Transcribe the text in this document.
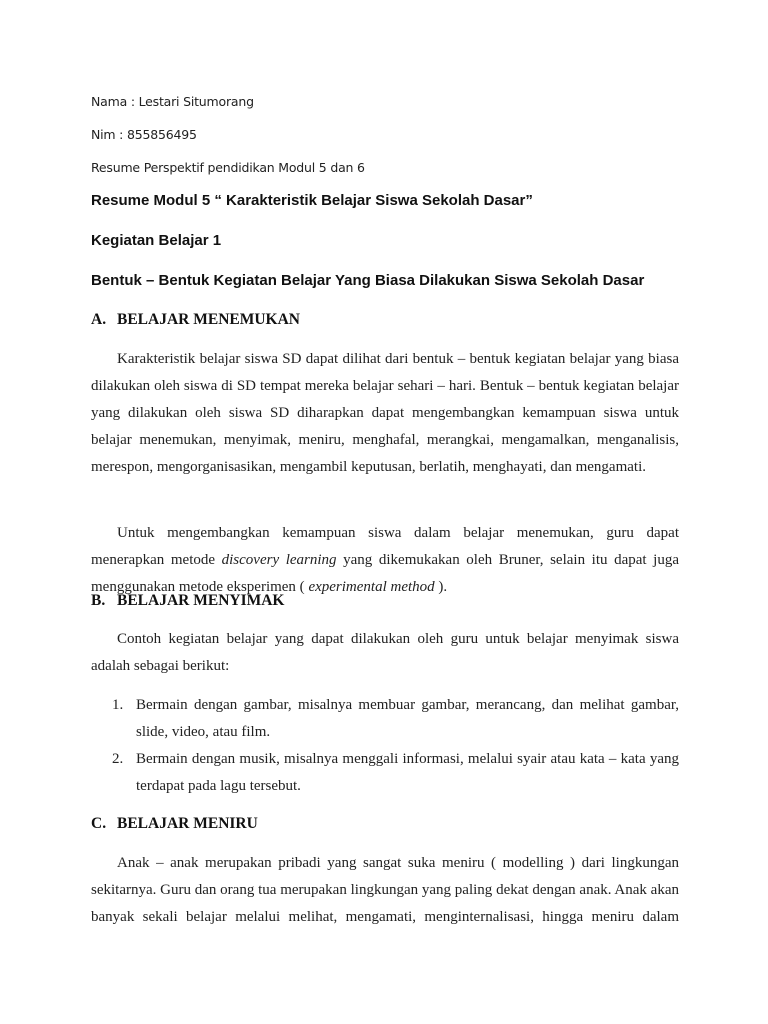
Nama : Lestari Situmorang
Nim : 855856495
Resume Perspektif pendidikan Modul 5 dan 6
Resume Modul 5 “ Karakteristik Belajar Siswa Sekolah Dasar”
Kegiatan Belajar 1
Bentuk – Bentuk Kegiatan Belajar Yang Biasa Dilakukan Siswa Sekolah Dasar
A. BELAJAR MENEMUKAN

Karakteristik belajar siswa SD dapat dilihat dari bentuk – bentuk kegiatan belajar yang biasa dilakukan oleh siswa di SD tempat mereka belajar sehari – hari. Bentuk – bentuk kegiatan belajar yang dilakukan oleh siswa SD diharapkan dapat mengembangkan kemampuan siswa untuk belajar menemukan, menyimak, meniru, menghafal, merangkai, mengamalkan, menganalisis, merespon, mengorganisasikan, mengambil keputusan, berlatih, menghayati, dan mengamati.

Untuk mengembangkan kemampuan siswa dalam belajar menemukan, guru dapat menerapkan metode discovery learning yang dikemukakan oleh Bruner, selain itu dapat juga menggunakan metode eksperimen ( experimental method ).

B. BELAJAR MENYIMAK

Contoh kegiatan belajar yang dapat dilakukan oleh guru untuk belajar menyimak siswa adalah sebagai berikut:

1. Bermain dengan gambar, misalnya membuar gambar, merancang, dan melihat gambar, slide, video, atau film.
2. Bermain dengan musik, misalnya menggali informasi, melalui syair atau kata – kata yang terdapat pada lagu tersebut.
C. BELAJAR MENIRU

Anak – anak merupakan pribadi yang sangat suka meniru ( modelling ) dari lingkungan sekitarnya. Guru dan orang tua merupakan lingkungan yang paling dekat dengan anak. Anak akan banyak sekali belajar melalui melihat, mengamati, menginternalisasi, hingga meniru dalam
